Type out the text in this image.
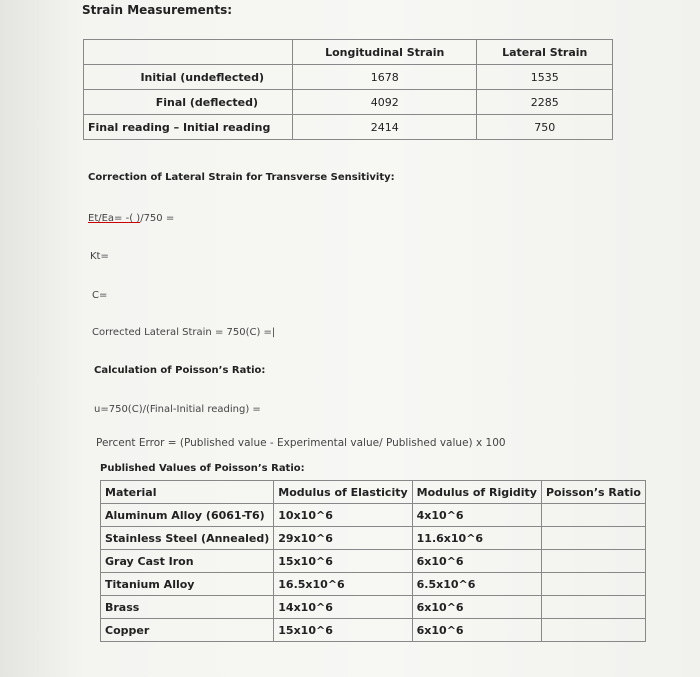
Strain Measurements:
	Longitudinal Strain	Lateral Strain
Initial (undeflected)	1678	1535
Final (deflected)	4092	2285
Final reading – Initial reading	2414	750
Correction of Lateral Strain for Transverse Sensitivity:
Et/Ea= -( )/750 =
Kt=
C=
Corrected Lateral Strain = 750(C) =|
Calculation of Poisson’s Ratio:
u=750(C)/(Final-Initial reading) =
Percent Error = (Published value - Experimental value/ Published value) x 100
Published Values of Poisson’s Ratio:
Material	Modulus of Elasticity	Modulus of Rigidity	Poisson’s Ratio
Aluminum Alloy (6061-T6)	10x10^6	4x10^6	
Stainless Steel (Annealed)	29x10^6	11.6x10^6	
Gray Cast Iron	15x10^6	6x10^6	
Titanium Alloy	16.5x10^6	6.5x10^6	
Brass	14x10^6	6x10^6	
Copper	15x10^6	6x10^6	
